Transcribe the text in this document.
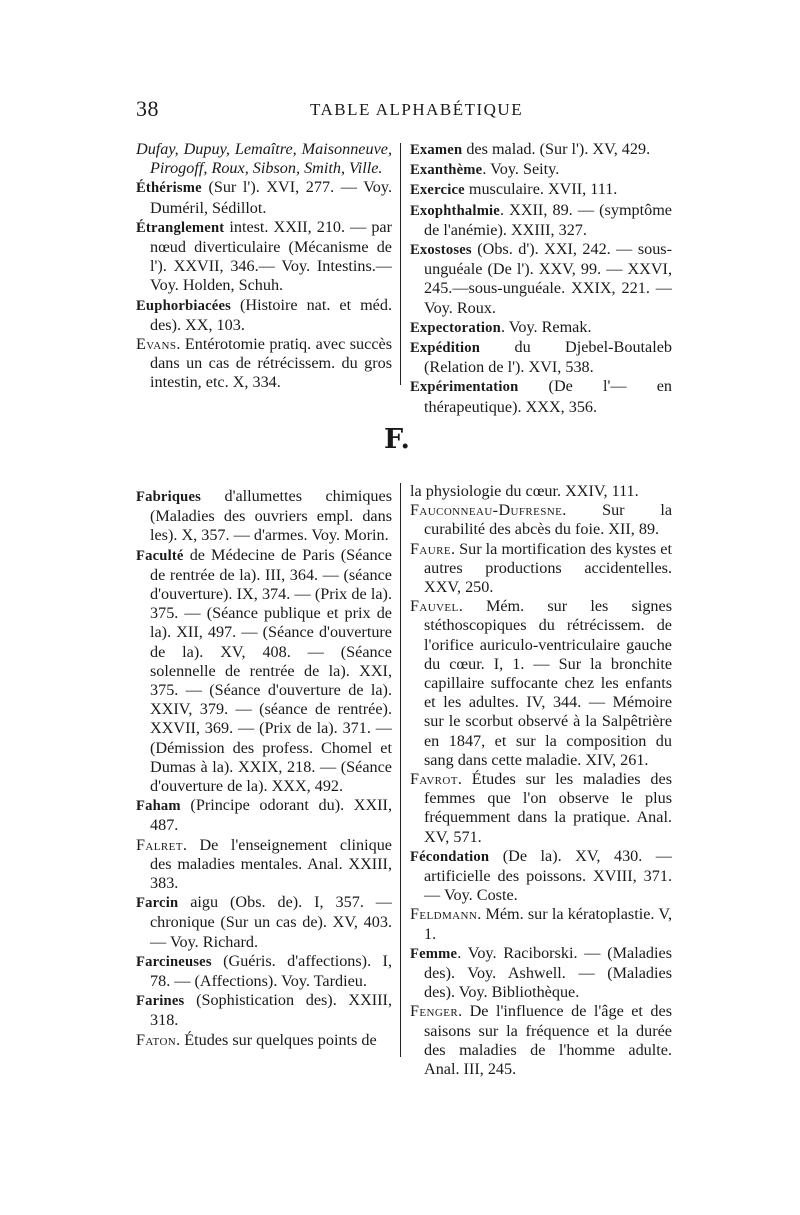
38	TABLE ALPHABÉTIQUE

Dufay, Dupuy, Lemaître, Maisonneuve, Pirogoff, Roux, Sibson, Smith, Ville.

Éthérisme (Sur l'). XVI, 277. — Voy. Duméril, Sédillot.

Étranglement intest. XXII, 210. — par nœud diverticulaire (Mécanisme de l'). XXVII, 346.— Voy. Intestins.— Voy. Holden, Schuh.

Euphorbiacées (Histoire nat. et méd. des). XX, 103.

Evans. Entérotomie pratiq. avec succès dans un cas de rétrécissem. du gros intestin, etc. X, 334.

Examen des malad. (Sur l'). XV, 429.

Exanthème. Voy. Seity.

Exercice musculaire. XVII, 111.

Exophthalmie. XXII, 89. — (symptôme de l'anémie). XXIII, 327.

Exostoses (Obs. d'). XXI, 242. — sous-unguéale (De l'). XXV, 99. — XXVI, 245.—sous-unguéale. XXIX, 221. — Voy. Roux.

Expectoration. Voy. Remak.

Expédition du Djebel-Boutaleb (Relation de l'). XVI, 538.

Expérimentation (De l'— en thérapeutique). XXX, 356.

F.

Fabriques d'allumettes chimiques (Maladies des ouvriers empl. dans les). X, 357. — d'armes. Voy. Morin.

Faculté de Médecine de Paris (Séance de rentrée de la). III, 364. — (séance d'ouverture). IX, 374. — (Prix de la). 375. — (Séance publique et prix de la). XII, 497. — (Séance d'ouverture de la). XV, 408. — (Séance solennelle de rentrée de la). XXI, 375. — (Séance d'ouverture de la). XXIV, 379. — (séance de rentrée). XXVII, 369. — (Prix de la). 371. — (Démission des profess. Chomel et Dumas à la). XXIX, 218. — (Séance d'ouverture de la). XXX, 492.

Faham (Principe odorant du). XXII, 487.

Falret. De l'enseignement clinique des maladies mentales. Anal. XXIII, 383.

Farcin aigu (Obs. de). I, 357. — chronique (Sur un cas de). XV, 403. — Voy. Richard.

Farcineuses (Guéris. d'affections). I, 78. — (Affections). Voy. Tardieu.

Farines (Sophistication des). XXIII, 318.

Faton. Études sur quelques points de

la physiologie du cœur. XXIV, 111.

Fauconneau-Dufresne. Sur la curabilité des abcès du foie. XII, 89.

Faure. Sur la mortification des kystes et autres productions accidentelles. XXV, 250.

Fauvel. Mém. sur les signes stéthoscopiques du rétrécissem. de l'orifice auriculo-ventriculaire gauche du cœur. I, 1. — Sur la bronchite capillaire suffocante chez les enfants et les adultes. IV, 344. — Mémoire sur le scorbut observé à la Salpêtrière en 1847, et sur la composition du sang dans cette maladie. XIV, 261.

Favrot. Études sur les maladies des femmes que l'on observe le plus fréquemment dans la pratique. Anal. XV, 571.

Fécondation (De la). XV, 430. — artificielle des poissons. XVIII, 371. — Voy. Coste.

Feldmann. Mém. sur la kératoplastie. V, 1.

Femme. Voy. Raciborski. — (Maladies des). Voy. Ashwell. — (Maladies des). Voy. Bibliothèque.

Fenger. De l'influence de l'âge et des saisons sur la fréquence et la durée des maladies de l'homme adulte. Anal. III, 245.
